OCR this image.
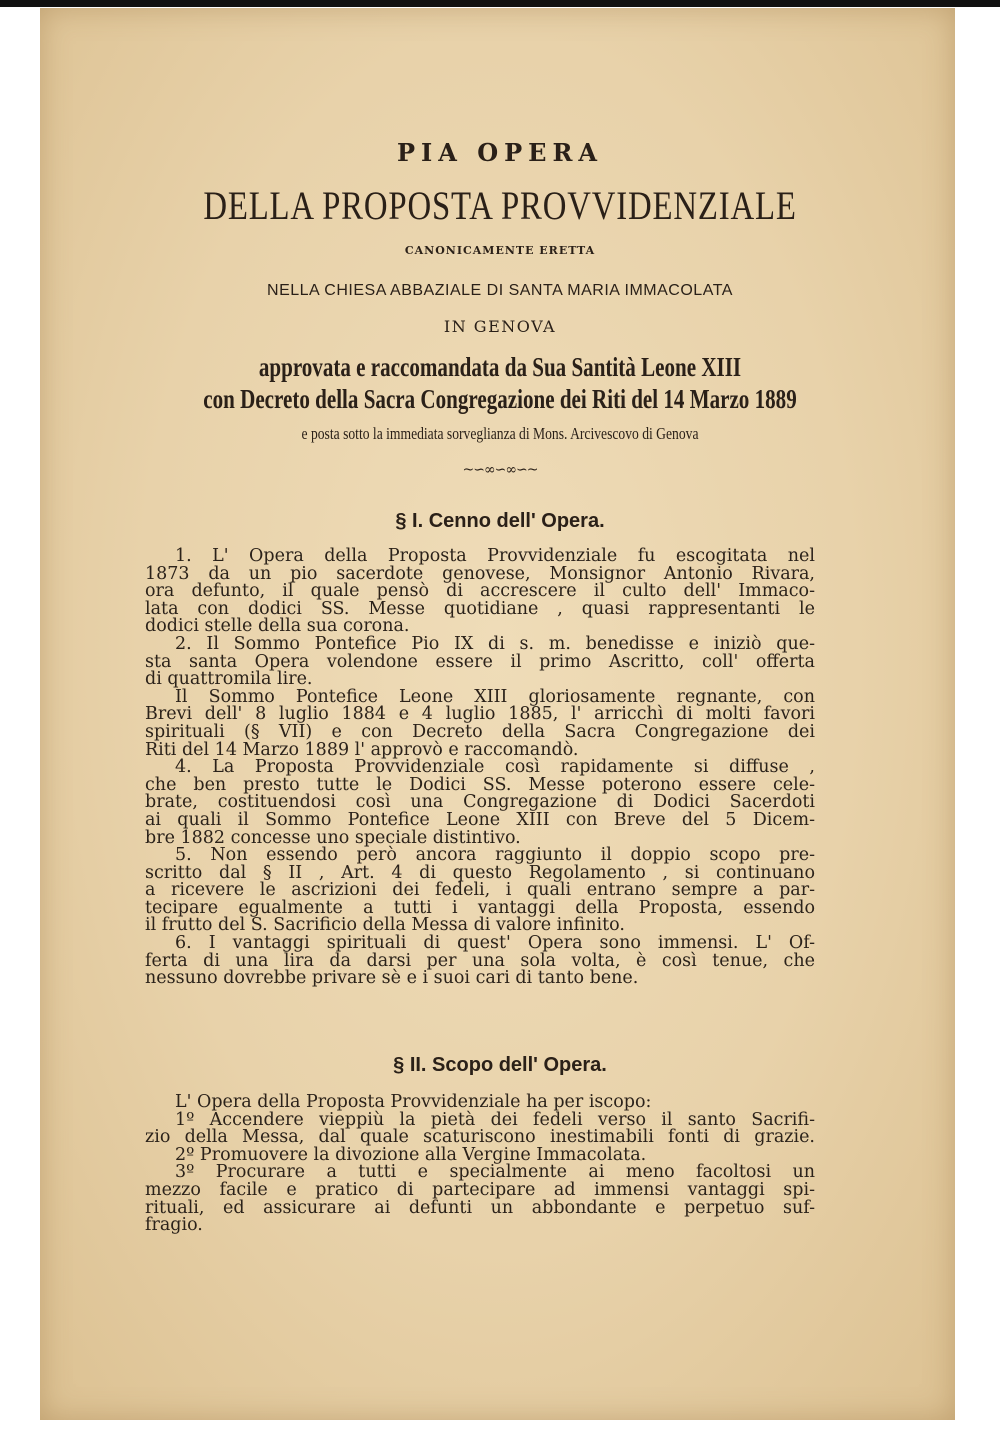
PIA OPERA
DELLA PROPOSTA PROVVIDENZIALE
CANONICAMENTE ERETTA
NELLA CHIESA ABBAZIALE DI SANTA MARIA IMMACOLATA
IN GENOVA
approvata e raccomandata da Sua Santità Leone XIII
con Decreto della Sacra Congregazione dei Riti del 14 Marzo 1889
e posta sotto la immediata sorveglianza di Mons. Arcivescovo di Genova
~∽∞∽∞∽~
§ I. Cenno dell' Opera.
1. L' Opera della Proposta Provvidenziale fu escogitata nel
1873 da un pio sacerdote genovese, Monsignor Antonio Rivara,
ora defunto, il quale pensò di accrescere il culto dell' Immaco-
lata con dodici SS. Messe quotidiane , quasi rappresentanti le
dodici stelle della sua corona.
2. Il Sommo Pontefice Pio IX di s. m. benedisse e iniziò que-
sta santa Opera volendone essere il primo Ascritto, coll' offerta
di quattromila lire.
Il Sommo Pontefice Leone XIII gloriosamente regnante, con
Brevi dell' 8 luglio 1884 e 4 luglio 1885, l' arricchì di molti favori
spirituali (§ VII) e con Decreto della Sacra Congregazione dei
Riti del 14 Marzo 1889 l' approvò e raccomandò.
4. La Proposta Provvidenziale così rapidamente si diffuse ,
che ben presto tutte le Dodici SS. Messe poterono essere cele-
brate, costituendosi così una Congregazione di Dodici Sacerdoti
ai quali il Sommo Pontefice Leone XIII con Breve del 5 Dicem-
bre 1882 concesse uno speciale distintivo.
5. Non essendo però ancora raggiunto il doppio scopo pre-
scritto dal § II , Art. 4 di questo Regolamento , si continuano
a ricevere le ascrizioni dei fedeli, i quali entrano sempre a par-
tecipare egualmente a tutti i vantaggi della Proposta, essendo
il frutto del S. Sacrificio della Messa di valore infinito.
6. I vantaggi spirituali di quest' Opera sono immensi. L' Of-
ferta di una lira da darsi per una sola volta, è così tenue, che
nessuno dovrebbe privare sè e i suoi cari di tanto bene.
§ II. Scopo dell' Opera.
L' Opera della Proposta Provvidenziale ha per iscopo:
1º Accendere vieppiù la pietà dei fedeli verso il santo Sacrifi-
zio della Messa, dal quale scaturiscono inestimabili fonti di grazie.
2º Promuovere la divozione alla Vergine Immacolata.
3º Procurare a tutti e specialmente ai meno facoltosi un
mezzo facile e pratico di partecipare ad immensi vantaggi spi-
rituali, ed assicurare ai defunti un abbondante e perpetuo suf-
fragio.
